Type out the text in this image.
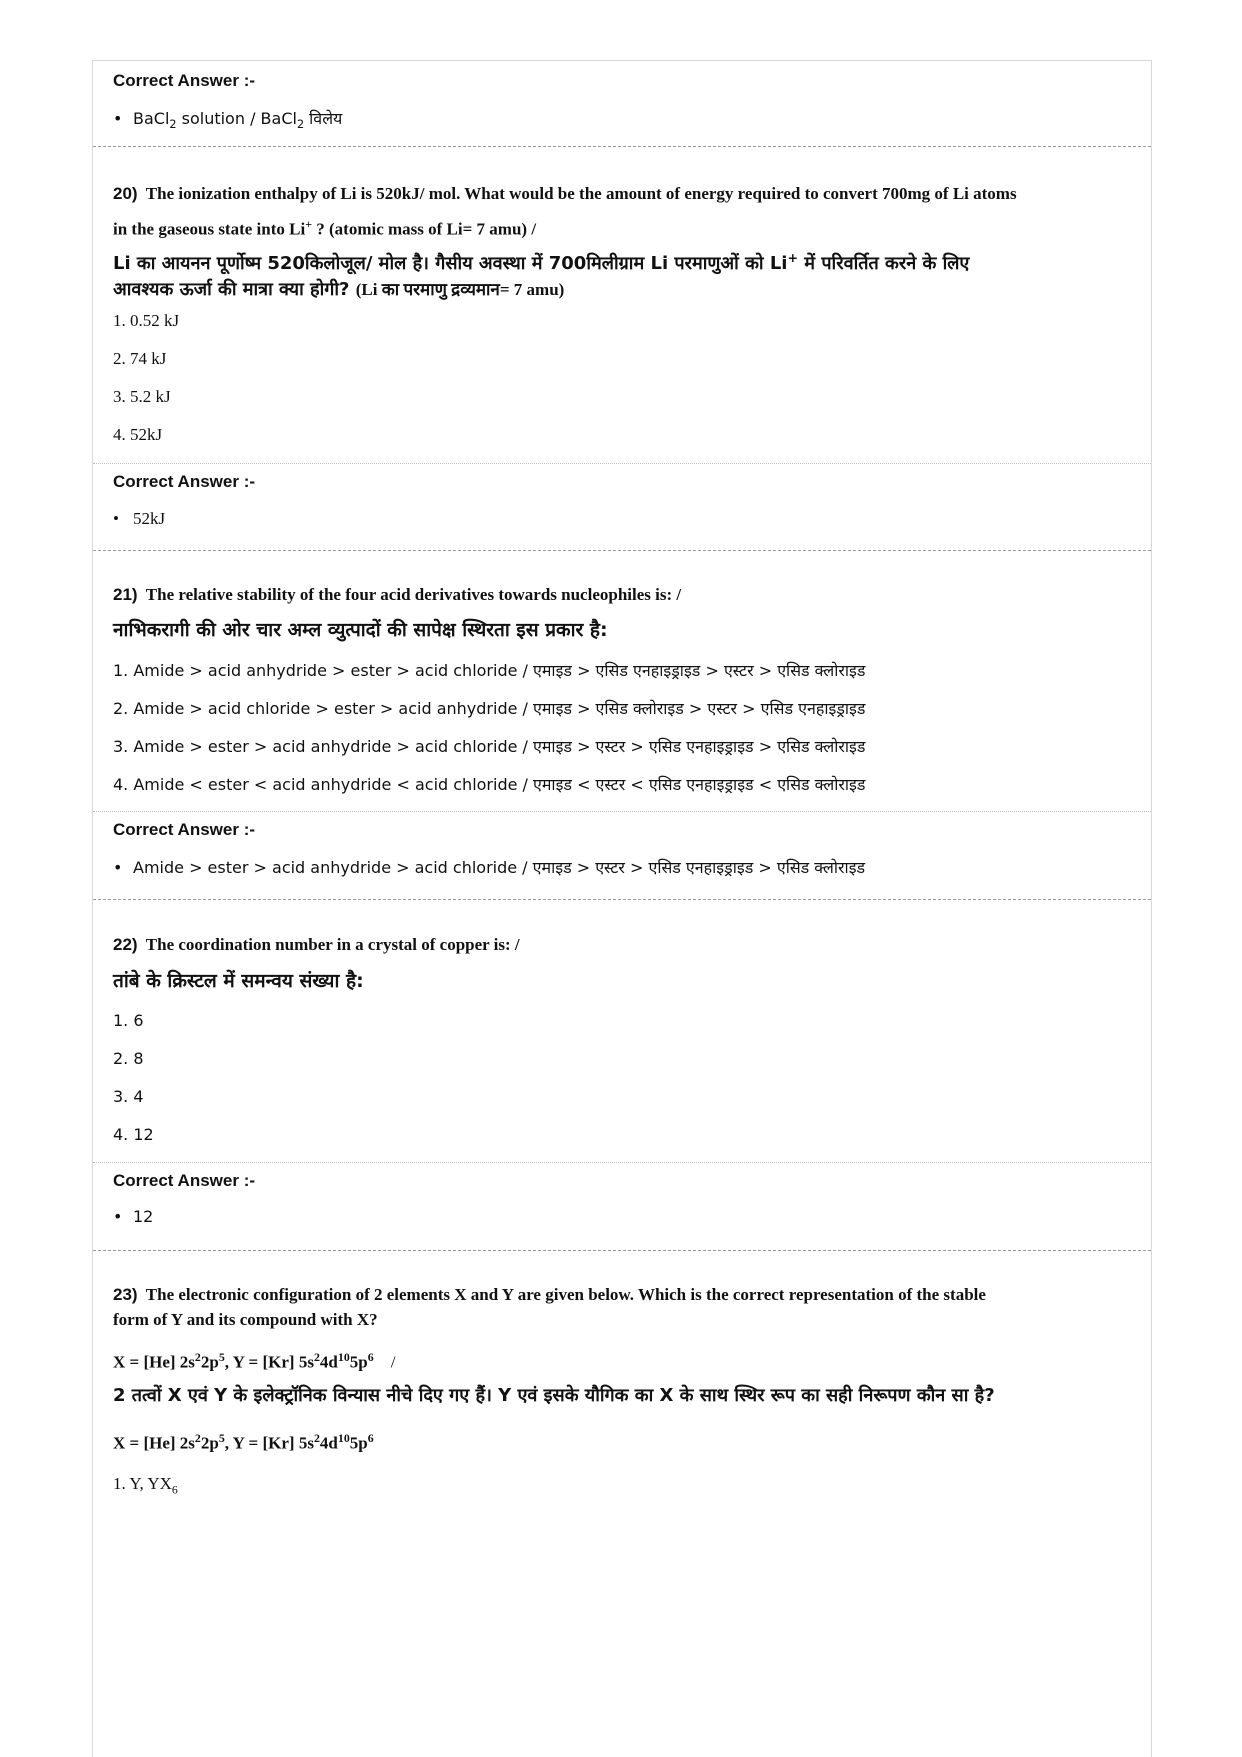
Correct Answer :-
• BaCl$_2$ solution / BaCl$_2$ विलेय
20) The ionization enthalpy of Li is 520kJ/ mol. What would be the amount of energy required to convert 700mg of Li atoms
in the gaseous state into Li+ ? (atomic mass of Li= 7 amu) /
Li का आयनन पूर्णोष्म 520किलोजूल/ मोल है। गैसीय अवस्था में 700मिलीग्राम Li परमाणुओं को Li+ में परिवर्तित करने के लिए
आवश्यक ऊर्जा की मात्रा क्या होगी? (Li का परमाणु द्रव्यमान= 7 amu)
1. 0.52 kJ
2. 74 kJ
3. 5.2 kJ
4. 52kJ
Correct Answer :-
• 52kJ
21) The relative stability of the four acid derivatives towards nucleophiles is: /
नाभिकरागी की ओर चार अम्ल व्युत्पादों की सापेक्ष स्थिरता इस प्रकार है:
1. Amide > acid anhydride > ester > acid chloride / एमाइड > एसिड एनहाइड्राइड > एस्टर > एसिड क्लोराइड
2. Amide > acid chloride > ester > acid anhydride / एमाइड > एसिड क्लोराइड > एस्टर > एसिड एनहाइड्राइड
3. Amide > ester > acid anhydride > acid chloride / एमाइड > एस्टर > एसिड एनहाइड्राइड > एसिड क्लोराइड
4. Amide < ester < acid anhydride < acid chloride / एमाइड < एस्टर < एसिड एनहाइड्राइड < एसिड क्लोराइड
Correct Answer :-
• Amide > ester > acid anhydride > acid chloride / एमाइड > एस्टर > एसिड एनहाइड्राइड > एसिड क्लोराइड
22) The coordination number in a crystal of copper is: /
तांबे के क्रिस्टल में समन्वय संख्या है:
1. 6
2. 8
3. 4
4. 12
Correct Answer :-
• 12
23) The electronic configuration of 2 elements X and Y are given below. Which is the correct representation of the stable
form of Y and its compound with X?
X = [He] $2s^22p^5$, Y = [Kr] $5s^24d^{10}5p^6$ /
2 तत्वों X एवं Y के इलेक्ट्रॉनिक विन्यास नीचे दिए गए हैं। Y एवं इसके यौगिक का X के साथ स्थिर रूप का सही निरूपण कौन सा है?
X = [He] $2s^22p^5$, Y = [Kr] $5s^24d^{10}5p^6$
1. Y, $YX_6$
